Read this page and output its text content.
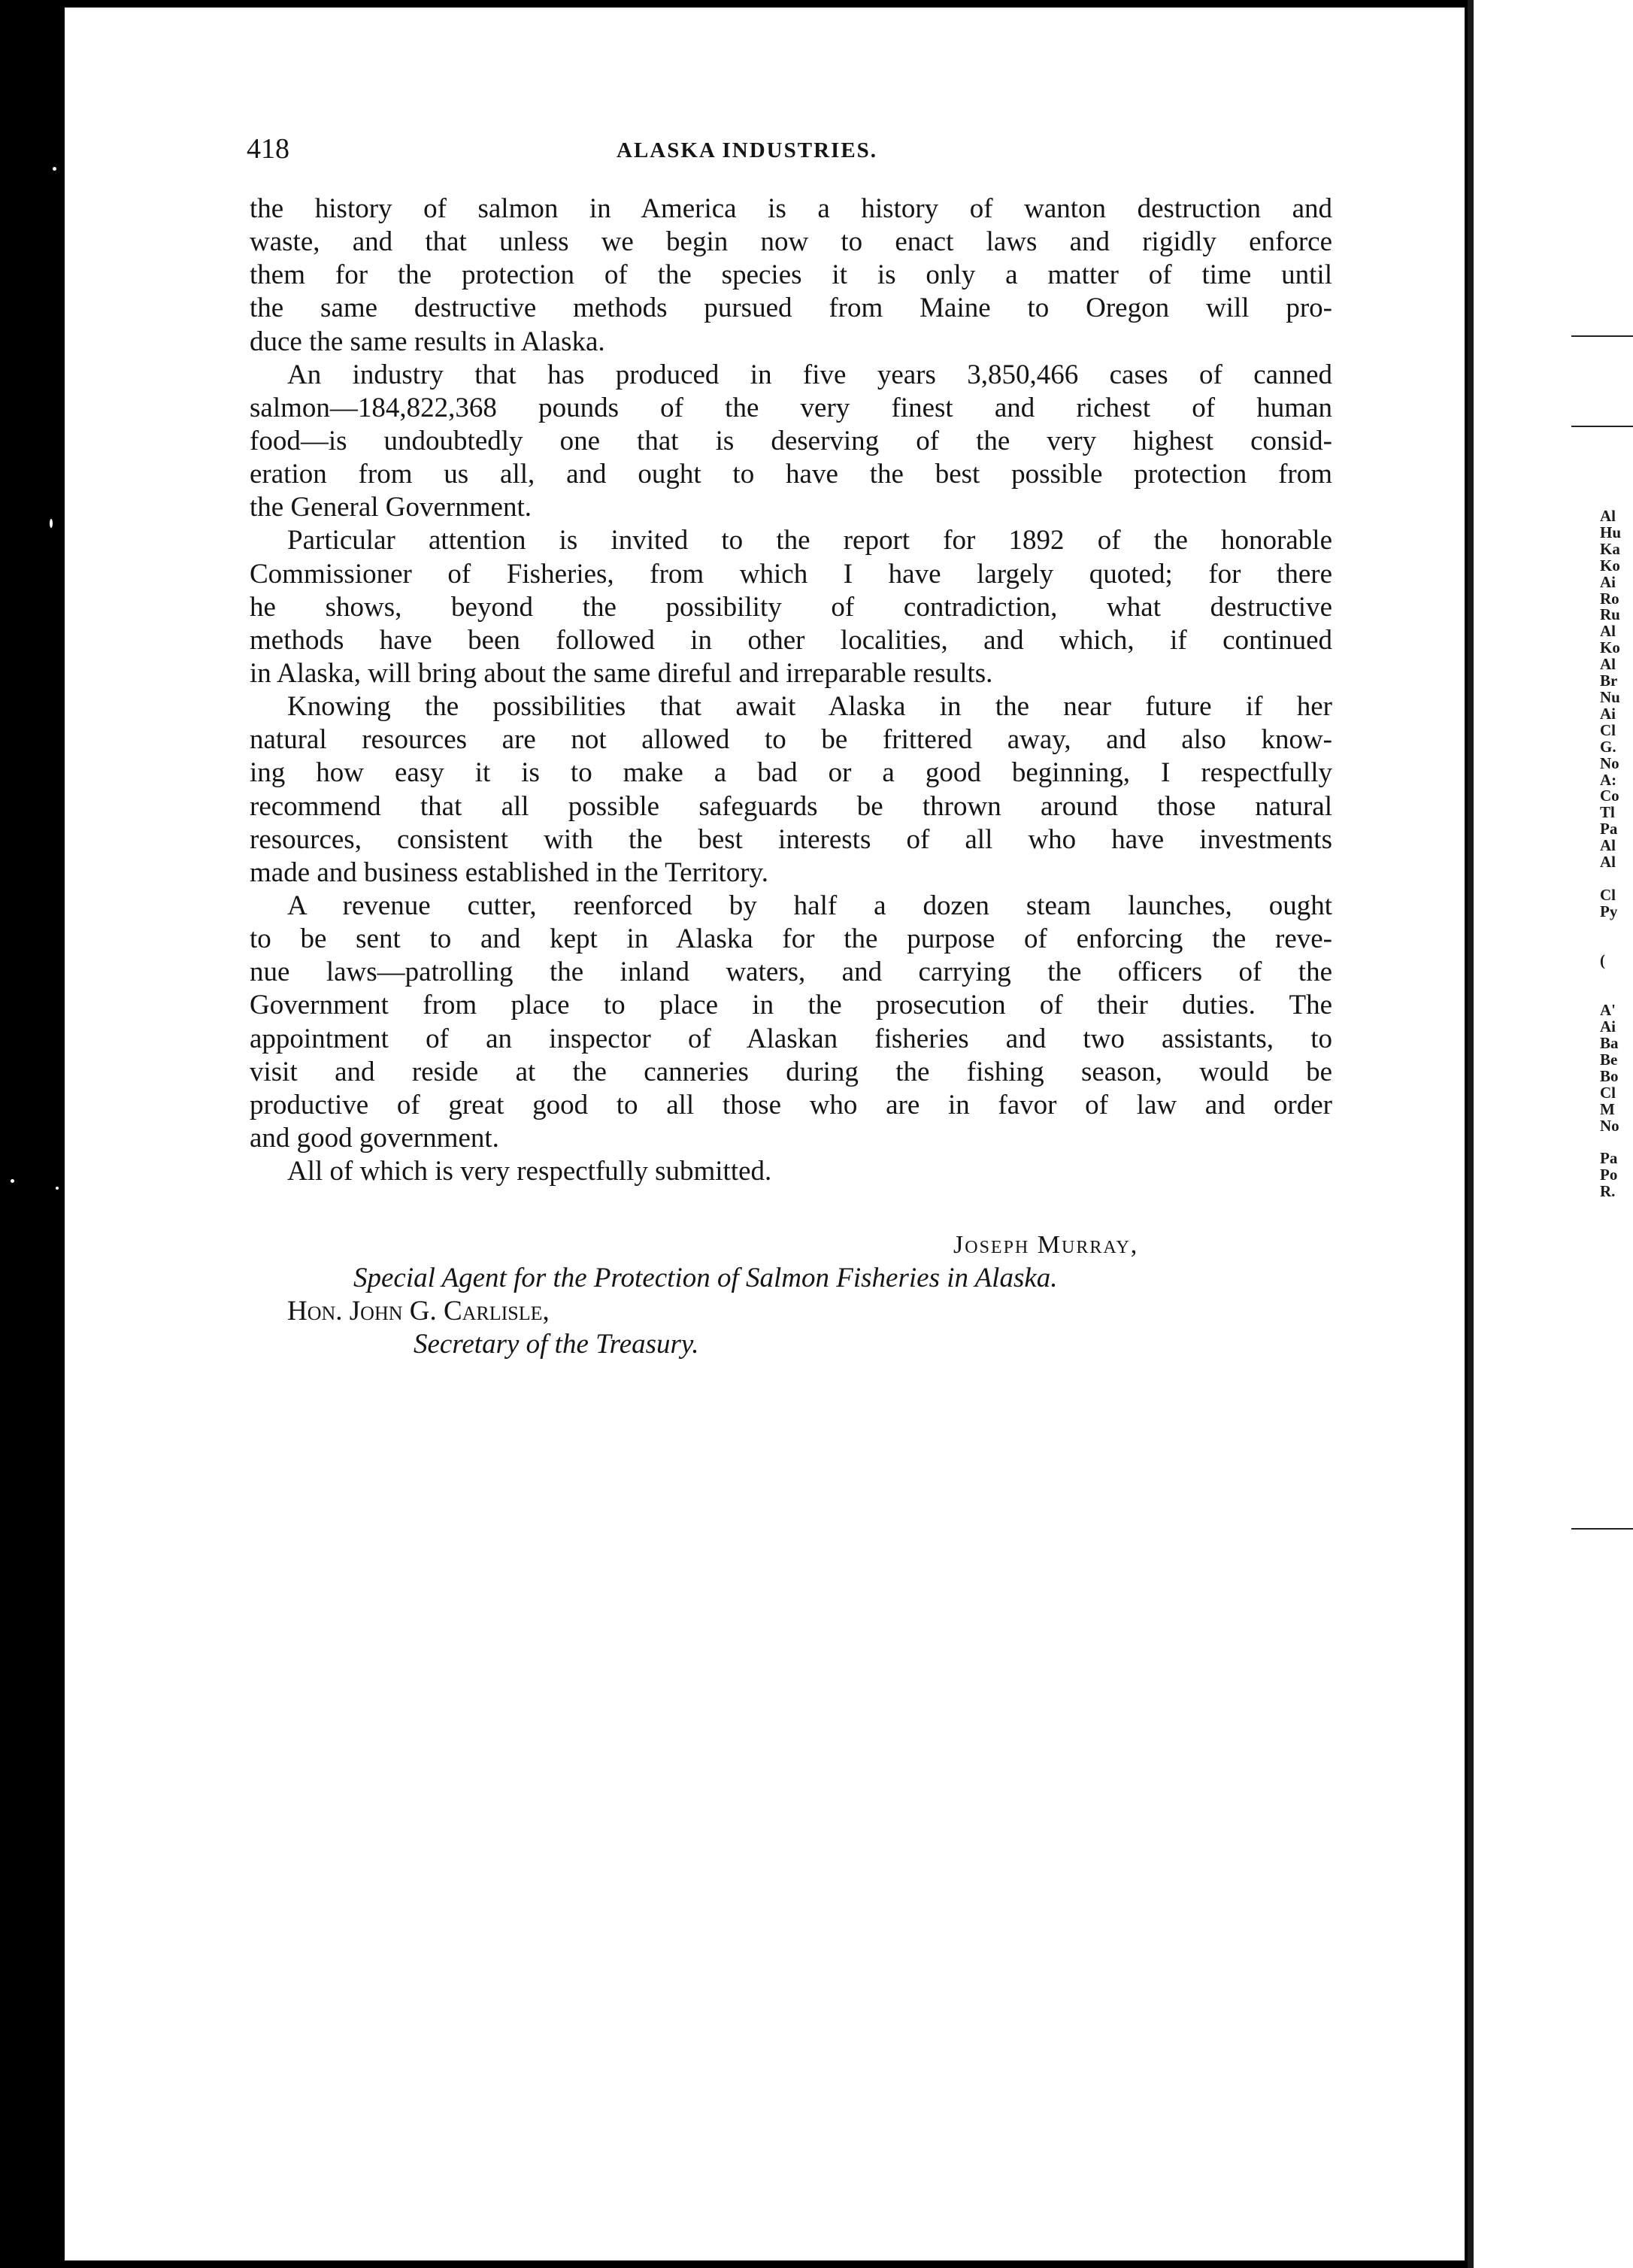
Al
Hu
Ka
Ko
Ai
Ro
Ru
Al
Ko
Al
Br
Nu
Ai
Cl
G.
No
A:
Co
Tl
Pa
Al
Al

Cl
Py

(

A'
Ai
Ba
Be
Bo
Cl
M
No

Pa
Po
R.
418	ALASKA INDUSTRIES.
the history of salmon in America is a history of wanton destruction and
waste, and that unless we begin now to enact laws and rigidly enforce
them for the protection of the species it is only a matter of time until
the same destructive methods pursued from Maine to Oregon will pro-
duce the same results in Alaska.
An industry that has produced in five years 3,850,466 cases of canned
salmon—184,822,368 pounds of the very finest and richest of human
food—is undoubtedly one that is deserving of the very highest consid-
eration from us all, and ought to have the best possible protection from
the General Government.
Particular attention is invited to the report for 1892 of the honorable
Commissioner of Fisheries, from which I have largely quoted; for there
he shows, beyond the possibility of contradiction, what destructive
methods have been followed in other localities, and which, if continued
in Alaska, will bring about the same direful and irreparable results.
Knowing the possibilities that await Alaska in the near future if her
natural resources are not allowed to be frittered away, and also know-
ing how easy it is to make a bad or a good beginning, I respectfully
recommend that all possible safeguards be thrown around those natural
resources, consistent with the best interests of all who have investments
made and business established in the Territory.
A revenue cutter, reenforced by half a dozen steam launches, ought
to be sent to and kept in Alaska for the purpose of enforcing the reve-
nue laws—patrolling the inland waters, and carrying the officers of the
Government from place to place in the prosecution of their duties. The
appointment of an inspector of Alaskan fisheries and two assistants, to
visit and reside at the canneries during the fishing season, would be
productive of great good to all those who are in favor of law and order
and good government.
All of which is very respectfully submitted.
Joseph Murray,
Special Agent for the Protection of Salmon Fisheries in Alaska.
Hon. John G. Carlisle,
Secretary of the Treasury.
